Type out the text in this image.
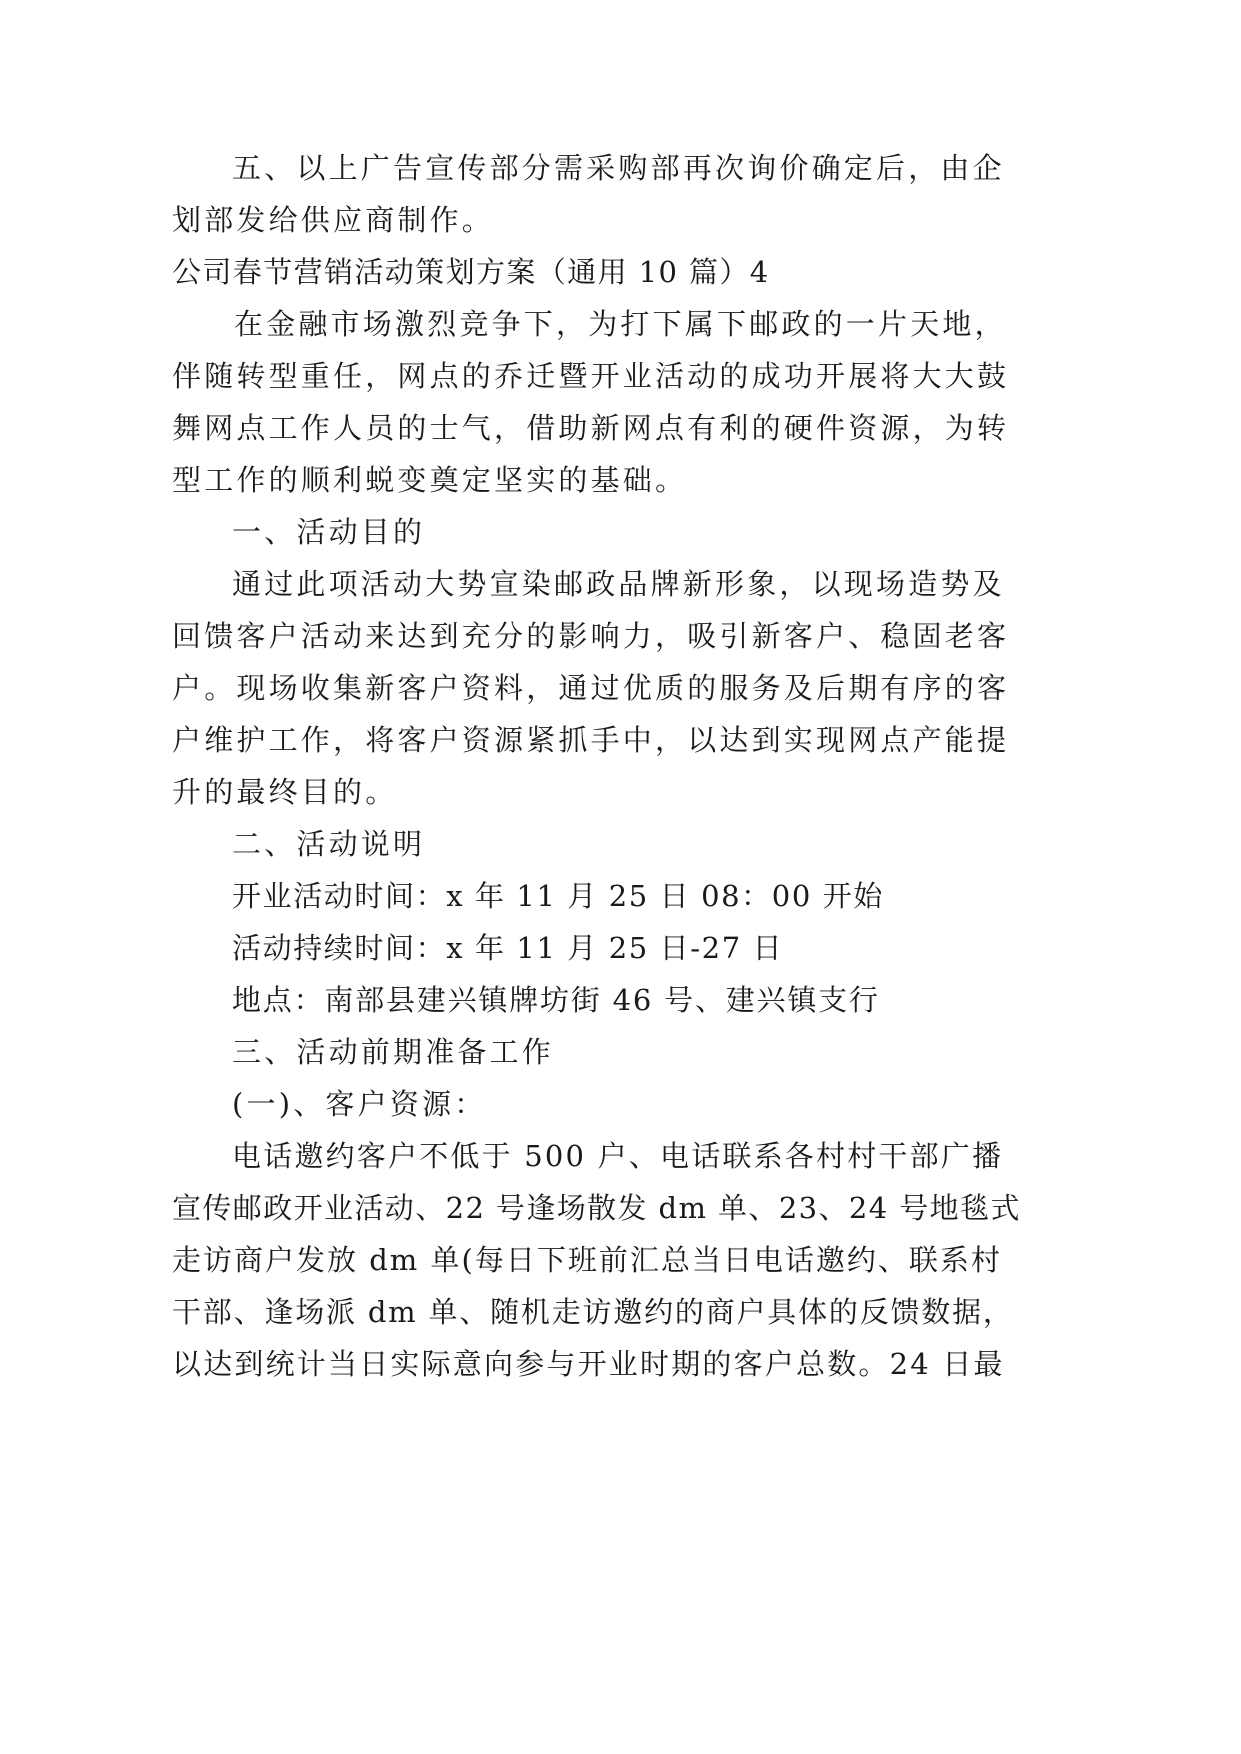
五、以上广告宣传部分需采购部再次询价确定后，由企
划部发给供应商制作。
公司春节营销活动策划方案（通用 10 篇）4
在金融市场激烈竞争下，为打下属下邮政的一片天地，
伴随转型重任，网点的乔迁暨开业活动的成功开展将大大鼓
舞网点工作人员的士气，借助新网点有利的硬件资源，为转
型工作的顺利蜕变奠定坚实的基础。
一、活动目的
通过此项活动大势宣染邮政品牌新形象，以现场造势及
回馈客户活动来达到充分的影响力，吸引新客户、稳固老客
户。现场收集新客户资料，通过优质的服务及后期有序的客
户维护工作，将客户资源紧抓手中，以达到实现网点产能提
升的最终目的。
二、活动说明
开业活动时间：x 年 11 月 25 日 08：00 开始
活动持续时间：x 年 11 月 25 日-27 日
地点：南部县建兴镇牌坊街 46 号、建兴镇支行
三、活动前期准备工作
(一)、客户资源：
电话邀约客户不低于 500 户、电话联系各村村干部广播
宣传邮政开业活动、22 号逢场散发 dm 单、23、24 号地毯式
走访商户发放 dm 单(每日下班前汇总当日电话邀约、联系村
干部、逢场派 dm 单、随机走访邀约的商户具体的反馈数据，
以达到统计当日实际意向参与开业时期的客户总数。24 日最
